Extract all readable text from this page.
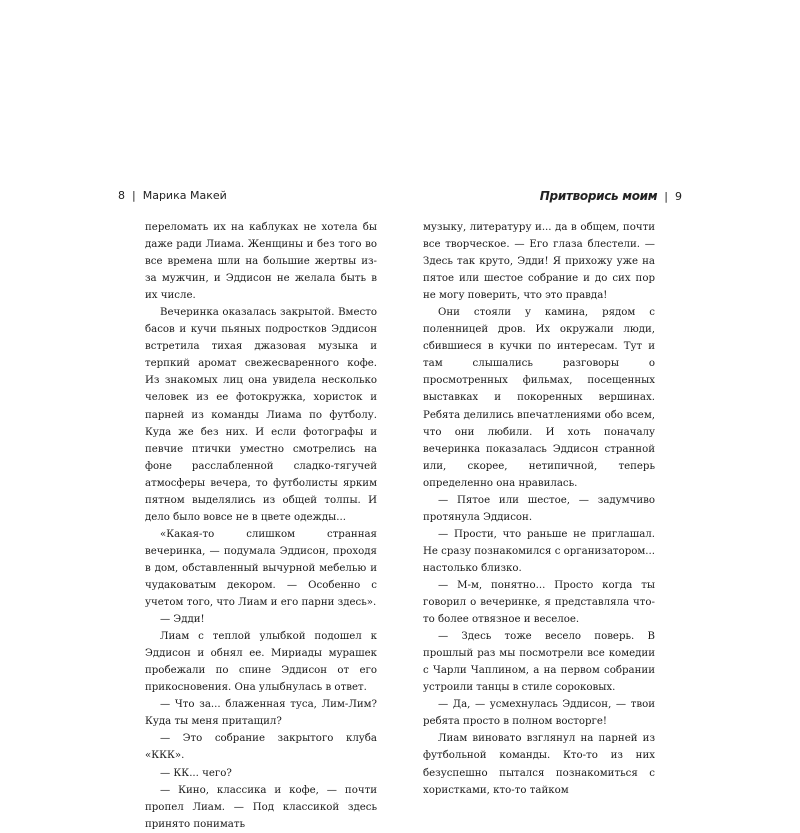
8 | Марика Макей	Притворись моим | 9

переломать их на каблуках не хотела бы даже ради Лиама. Женщины и без того во все времена шли на большие жертвы из-за мужчин, и Эддисон не желала быть в их числе.

Вечеринка оказалась закрытой. Вместо басов и кучи пьяных подростков Эддисон встретила тихая джазовая музыка и терпкий аромат свежесваренного кофе. Из знакомых лиц она увидела несколько человек из ее фотокружка, хористок и парней из команды Лиама по футболу. Куда же без них. И если фотографы и певчие птички уместно смотрелись на фоне расслабленной сладко-тягучей атмосферы вечера, то футболисты ярким пятном выделялись из общей толпы. И дело было вовсе не в цвете одежды...

«Какая-то слишком странная вечеринка, — подумала Эддисон, проходя в дом, обставленный вычурной мебелью и чудаковатым декором. — Особенно с учетом того, что Лиам и его парни здесь».

— Эдди!

Лиам с теплой улыбкой подошел к Эддисон и обнял ее. Мириады мурашек пробежали по спине Эддисон от его прикосновения. Она улыбнулась в ответ.

— Что за... блаженная туса, Лим-Лим? Куда ты меня притащил?

— Это собрание закрытого клуба «ККК».

— КК... чего?

— Кино, классика и кофе, — почти пропел Лиам. — Под классикой здесь принято понимать

музыку, литературу и... да в общем, почти все творческое. — Его глаза блестели. — Здесь так круто, Эдди! Я прихожу уже на пятое или шестое собрание и до сих пор не могу поверить, что это правда!

Они стояли у камина, рядом с поленницей дров. Их окружали люди, сбившиеся в кучки по интересам. Тут и там слышались разговоры о просмотренных фильмах, посещенных выставках и покоренных вершинах. Ребята делились впечатлениями обо всем, что они любили. И хоть поначалу вечеринка показалась Эддисон странной или, скорее, нетипичной, теперь определенно она нравилась.

— Пятое или шестое, — задумчиво протянула Эддисон.

— Прости, что раньше не приглашал. Не сразу познакомился с организатором... настолько близко.

— М-м, понятно... Просто когда ты говорил о вечеринке, я представляла что-то более отвязное и веселое.

— Здесь тоже весело поверь. В прошлый раз мы посмотрели все комедии с Чарли Чаплином, а на первом собрании устроили танцы в стиле сороковых.

— Да, — усмехнулась Эддисон, — твои ребята просто в полном восторге!

Лиам виновато взглянул на парней из футбольной команды. Кто-то из них безуспешно пытался познакомиться с хористками, кто-то тайком
